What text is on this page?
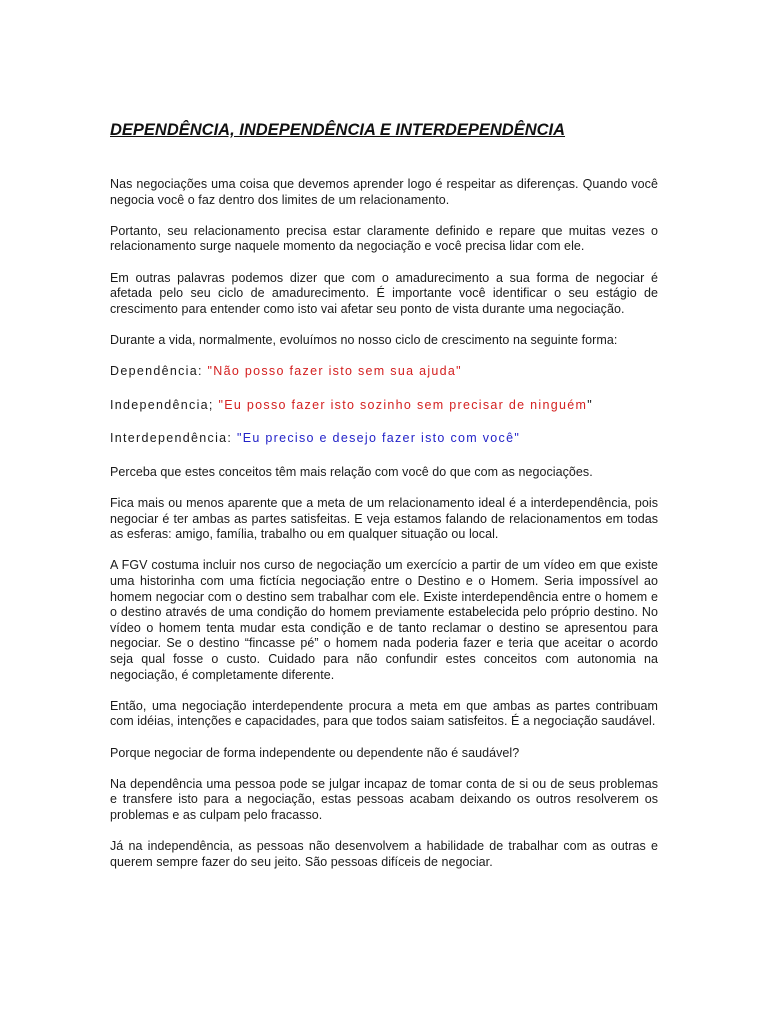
DEPENDÊNCIA, INDEPENDÊNCIA E INTERDEPENDÊNCIA

Nas negociações uma coisa que devemos aprender logo é respeitar as diferenças. Quando você negocia você o faz dentro dos limites de um relacionamento.

Portanto, seu relacionamento precisa estar claramente definido e repare que muitas vezes o relacionamento surge naquele momento da negociação e você precisa lidar com ele.

Em outras palavras podemos dizer que com o amadurecimento a sua forma de negociar é afetada pelo seu ciclo de amadurecimento. É importante você identificar o seu estágio de crescimento para entender como isto vai afetar seu ponto de vista durante uma negociação.

Durante a vida, normalmente, evoluímos no nosso ciclo de crescimento na seguinte forma:

Dependência: "Não posso fazer isto sem sua ajuda"

Independência; "Eu posso fazer isto sozinho sem precisar de ninguém"

Interdependência: "Eu preciso e desejo fazer isto com você"

Perceba que estes conceitos têm mais relação com você do que com as negociações.

Fica mais ou menos aparente que a meta de um relacionamento ideal é a interdependência, pois negociar é ter ambas as partes satisfeitas. E veja estamos falando de relacionamentos em todas as esferas: amigo, família, trabalho ou em qualquer situação ou local.

A FGV costuma incluir nos curso de negociação um exercício a partir de um vídeo em que existe uma historinha com uma fictícia negociação entre o Destino e o Homem. Seria impossível ao homem negociar com o destino sem trabalhar com ele. Existe interdependência entre o homem e o destino através de uma condição do homem previamente estabelecida pelo próprio destino. No vídeo o homem tenta mudar esta condição e de tanto reclamar o destino se apresentou para negociar. Se o destino “fincasse pé” o homem nada poderia fazer e teria que aceitar o acordo seja qual fosse o custo. Cuidado para não confundir estes conceitos com autonomia na negociação, é completamente diferente.

Então, uma negociação interdependente procura a meta em que ambas as partes contribuam com idéias, intenções e capacidades, para que todos saiam satisfeitos. É a negociação saudável.

Porque negociar de forma independente ou dependente não é saudável?

Na dependência uma pessoa pode se julgar incapaz de tomar conta de si ou de seus problemas e transfere isto para a negociação, estas pessoas acabam deixando os outros resolverem os problemas e as culpam pelo fracasso.

Já na independência, as pessoas não desenvolvem a habilidade de trabalhar com as outras e querem sempre fazer do seu jeito. São pessoas difíceis de negociar.
